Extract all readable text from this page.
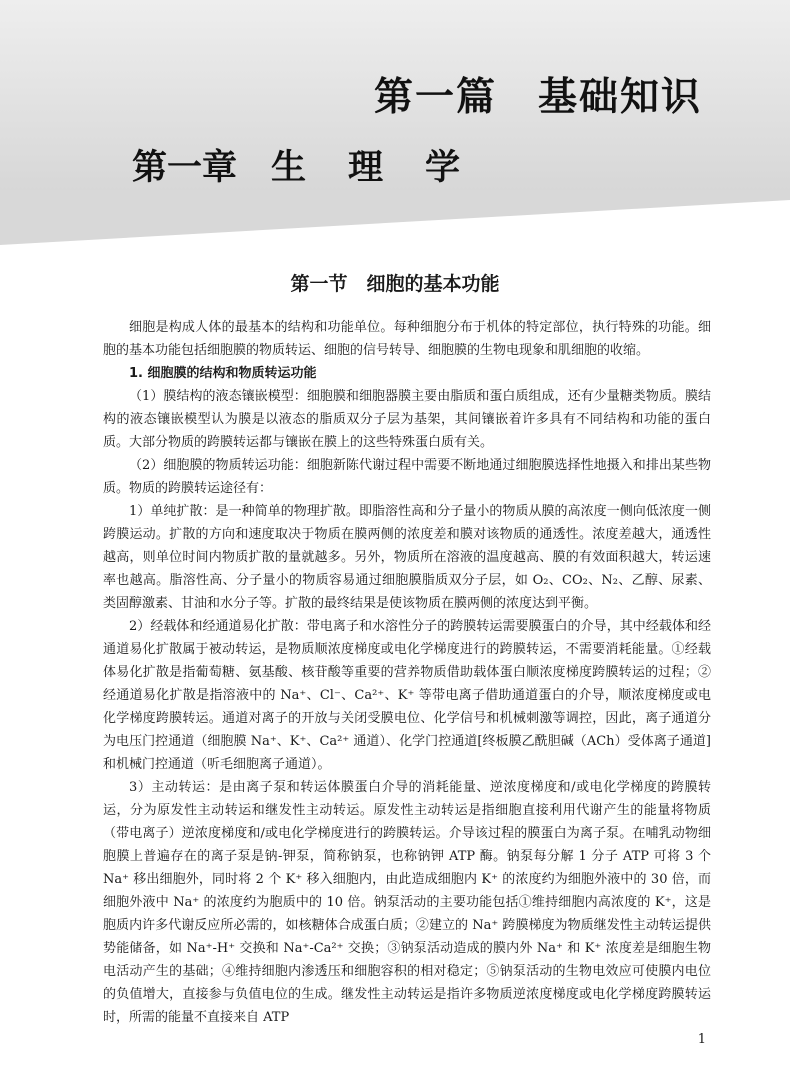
第一篇　基础知识
第一章 生 理 学
第一节　细胞的基本功能

细胞是构成人体的最基本的结构和功能单位。每种细胞分布于机体的特定部位，执行特殊的功能。细胞的基本功能包括细胞膜的物质转运、细胞的信号转导、细胞膜的生物电现象和肌细胞的收缩。

1. 细胞膜的结构和物质转运功能

（1）膜结构的液态镶嵌模型：细胞膜和细胞器膜主要由脂质和蛋白质组成，还有少量糖类物质。膜结构的液态镶嵌模型认为膜是以液态的脂质双分子层为基架，其间镶嵌着许多具有不同结构和功能的蛋白质。大部分物质的跨膜转运都与镶嵌在膜上的这些特殊蛋白质有关。

（2）细胞膜的物质转运功能：细胞新陈代谢过程中需要不断地通过细胞膜选择性地摄入和排出某些物质。物质的跨膜转运途径有：

1）单纯扩散：是一种简单的物理扩散。即脂溶性高和分子量小的物质从膜的高浓度一侧向低浓度一侧跨膜运动。扩散的方向和速度取决于物质在膜两侧的浓度差和膜对该物质的通透性。浓度差越大，通透性越高，则单位时间内物质扩散的量就越多。另外，物质所在溶液的温度越高、膜的有效面积越大，转运速率也越高。脂溶性高、分子量小的物质容易通过细胞膜脂质双分子层，如 O₂、CO₂、N₂、乙醇、尿素、类固醇激素、甘油和水分子等。扩散的最终结果是使该物质在膜两侧的浓度达到平衡。

2）经载体和经通道易化扩散：带电离子和水溶性分子的跨膜转运需要膜蛋白的介导，其中经载体和经通道易化扩散属于被动转运，是物质顺浓度梯度或电化学梯度进行的跨膜转运，不需要消耗能量。①经载体易化扩散是指葡萄糖、氨基酸、核苷酸等重要的营养物质借助载体蛋白顺浓度梯度跨膜转运的过程；②经通道易化扩散是指溶液中的 Na⁺、Cl⁻、Ca²⁺、K⁺ 等带电离子借助通道蛋白的介导，顺浓度梯度或电化学梯度跨膜转运。通道对离子的开放与关闭受膜电位、化学信号和机械刺激等调控，因此，离子通道分为电压门控通道（细胞膜 Na⁺、K⁺、Ca²⁺ 通道）、化学门控通道[终板膜乙酰胆碱（ACh）受体离子通道]和机械门控通道（听毛细胞离子通道）。

3）主动转运：是由离子泵和转运体膜蛋白介导的消耗能量、逆浓度梯度和/或电化学梯度的跨膜转运，分为原发性主动转运和继发性主动转运。原发性主动转运是指细胞直接利用代谢产生的能量将物质（带电离子）逆浓度梯度和/或电化学梯度进行的跨膜转运。介导该过程的膜蛋白为离子泵。在哺乳动物细胞膜上普遍存在的离子泵是钠-钾泵，简称钠泵，也称钠钾 ATP 酶。钠泵每分解 1 分子 ATP 可将 3 个 Na⁺ 移出细胞外，同时将 2 个 K⁺ 移入细胞内，由此造成细胞内 K⁺ 的浓度约为细胞外液中的 30 倍，而细胞外液中 Na⁺ 的浓度约为胞质中的 10 倍。钠泵活动的主要功能包括①维持细胞内高浓度的 K⁺，这是胞质内许多代谢反应所必需的，如核糖体合成蛋白质；②建立的 Na⁺ 跨膜梯度为物质继发性主动转运提供势能储备，如 Na⁺-H⁺ 交换和 Na⁺-Ca²⁺ 交换；③钠泵活动造成的膜内外 Na⁺ 和 K⁺ 浓度差是细胞生物电活动产生的基础；④维持细胞内渗透压和细胞容积的相对稳定；⑤钠泵活动的生物电效应可使膜内电位的负值增大，直接参与负值电位的生成。继发性主动转运是指许多物质逆浓度梯度或电化学梯度跨膜转运时，所需的能量不直接来自 ATP

1
